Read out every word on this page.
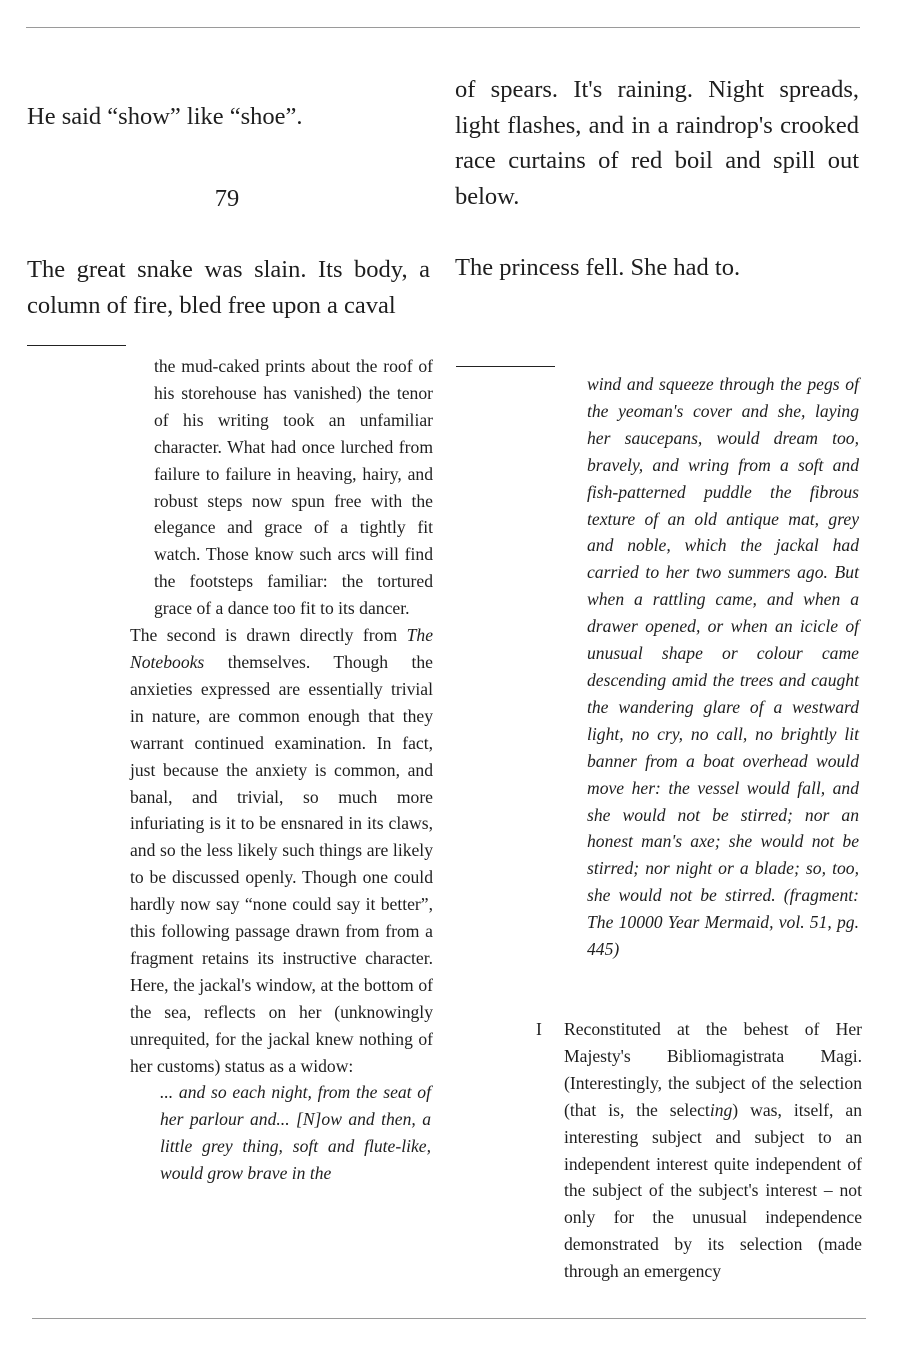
He said “show” like “shoe”.

79

The great snake was slain. Its body, a column of fire, bled free upon a caval

the mud-caked prints about the roof of his storehouse has vanished) the tenor of his writing took an unfamiliar character. What had once lurched from failure to failure in heaving, hairy, and robust steps now spun free with the elegance and grace of a tightly fit watch. Those know such arcs will find the footsteps familiar: the tortured grace of a dance too fit to its dancer.

The second is drawn directly from The Notebooks themselves. Though the anxieties expressed are essentially trivial in nature, are common enough that they warrant continued examination. In fact, just because the anxiety is common, and banal, and trivial, so much more infuriating is it to be ensnared in its claws, and so the less likely such things are likely to be discussed openly. Though one could hardly now say “none could say it better”, this following passage drawn from from a fragment retains its instructive character. Here, the jackal's window, at the bottom of the sea, reflects on her (unknowingly unrequited, for the jackal knew nothing of her customs) status as a widow:

... and so each night, from the seat of her parlour and... [N]ow and then, a little grey thing, soft and flute-like, would grow brave in the

of spears. It's raining. Night spreads, light flashes, and in a raindrop's crooked race curtains of red boil and spill out below.

The princess fell. She had to.

wind and squeeze through the pegs of the yeoman's cover and she, laying her saucepans, would dream too, bravely, and wring from a soft and fish-patterned puddle the fibrous texture of an old antique mat, grey and noble, which the jackal had carried to her two summers ago. But when a rattling came, and when a drawer opened, or when an icicle of unusual shape or colour came descending amid the trees and caught the wandering glare of a westward light, no cry, no call, no brightly lit banner from a boat overhead would move her: the vessel would fall, and she would not be stirred; nor an honest man's axe; she would not be stirred; nor night or a blade; so, too, she would not be stirred. (fragment: The 10000 Year Mermaid, vol. 51, pg. 445)

I Reconstituted at the behest of Her Majesty's Bibliomagistrata Magi. (Interestingly, the subject of the selection (that is, the selecting) was, itself, an interesting subject and subject to an independent interest quite independent of the subject of the subject's interest – not only for the unusual independence demonstrated by its selection (made through an emergency
